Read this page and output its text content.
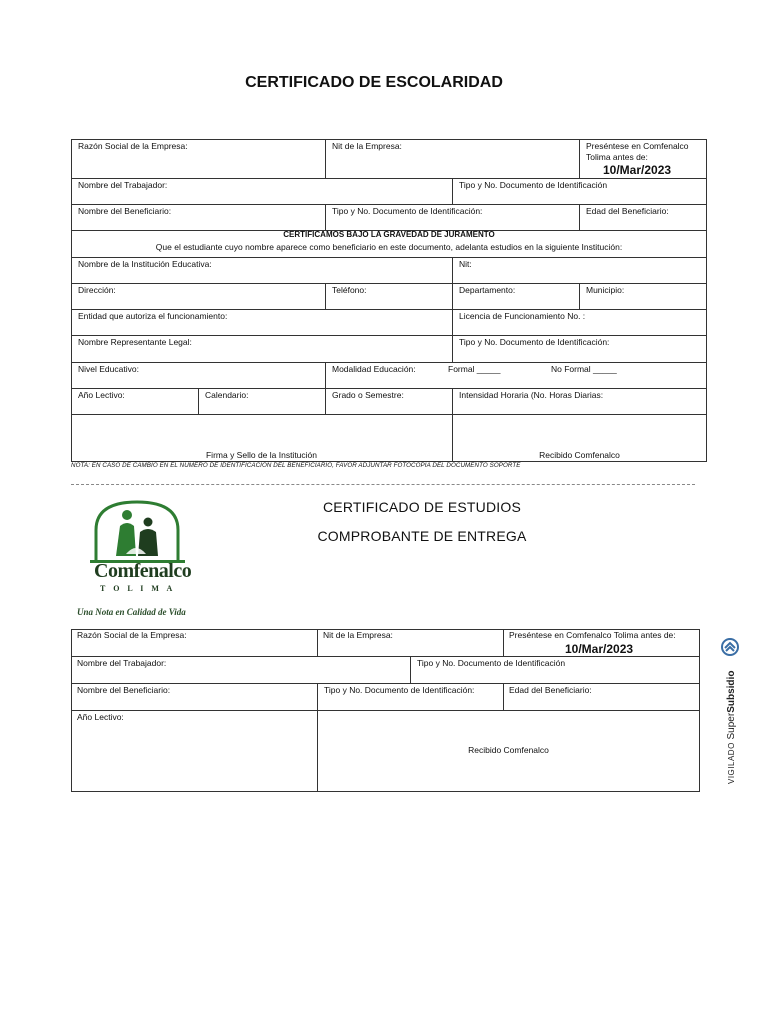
CERTIFICADO DE ESCOLARIDAD
Razón Social de la Empresa:	Nit de la Empresa:	Preséntese en Comfenalco
Tolima antes de:
10/Mar/2023
Nombre del Trabajador:	Tipo y No. Documento de Identificación
Nombre del Beneficiario:	Tipo y No. Documento de Identificación:	Edad del Beneficiario:
CERTIFICAMOS BAJO LA GRAVEDAD DE JURAMENTO
Que el estudiante cuyo nombre aparece como beneficiario en este documento, adelanta estudios en la siguiente Institución:
Nombre de la Institución Educativa:	Nit:
Dirección:	Teléfono:	Departamento:	Municipio:
Entidad que autoriza el funcionamiento:	Licencia de Funcionamiento No. :
Nombre Representante Legal:	Tipo y No. Documento de Identificación:
Nivel Educativo:	Modalidad Educación:	Formal _____	No Formal _____
Año Lectivo:	Calendario:	Grado o Semestre:	Intensidad Horaria (No. Horas Diarias:
Firma y Sello de la Institución	Recibido Comfenalco
NOTA: EN CASO DE CAMBIO EN EL NUMERO DE IDENTIFICACION DEL BENEFICIARIO, FAVOR ADJUNTAR FOTOCOPIA DEL DOCUMENTO SOPORTE
CERTIFICADO DE ESTUDIOS
COMPROBANTE DE ENTREGA
Comfenalco
T O L I M A
Una Nota en Calidad de Vida
Razón Social de la Empresa:	Nit de la Empresa:	Preséntese en Comfenalco Tolima antes de:
10/Mar/2023
Nombre del Trabajador:	Tipo y No. Documento de Identificación
Nombre del Beneficiario:	Tipo y No. Documento de Identificación:	Edad del Beneficiario:
Año Lectivo:
Recibido Comfenalco	VIGILADO SuperSubsidio
